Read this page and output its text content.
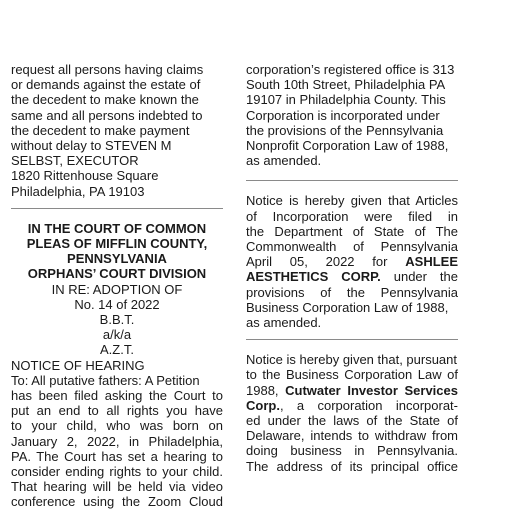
request all persons having claims
or demands against the estate of
the decedent to make known the
same and all persons indebted to
the decedent to make payment
without delay to STEVEN M
SELBST, EXECUTOR
1820 Rittenhouse Square
Philadelphia, PA 19103
IN THE COURT OF COMMON
PLEAS OF MIFFLIN COUNTY,
PENNSYLVANIA
ORPHANS’ COURT DIVISION
IN RE: ADOPTION OF
No. 14 of 2022
B.B.T.
a/k/a
A.Z.T.
NOTICE OF HEARING
To: All putative fathers: A Petition
has been filed asking the Court to
put an end to all rights you have
to your child, who was born on
January 2, 2022, in Philadelphia,
PA. The Court has set a hearing to
consider ending rights to your child.
That hearing will be held via video
conference using the Zoom Cloud
corporation’s registered office is 313
South 10th Street, Philadelphia PA
19107 in Philadelphia County. This
Corporation is incorporated under
the provisions of the Pennsylvania
Nonprofit Corporation Law of 1988,
as amended.
Notice is hereby given that Articles
of Incorporation were filed in
the Department of State of The
Commonwealth of Pennsylvania
April 05, 2022 for ASHLEE
AESTHETICS CORP. under the
provisions of the Pennsylvania
Business Corporation Law of 1988,
as amended.
Notice is hereby given that, pursuant
to the Business Corporation Law of
1988, Cutwater Investor Services
Corp., a corporation incorporat-
ed under the laws of the State of
Delaware, intends to withdraw from
doing business in Pennsylvania.
The address of its principal office
